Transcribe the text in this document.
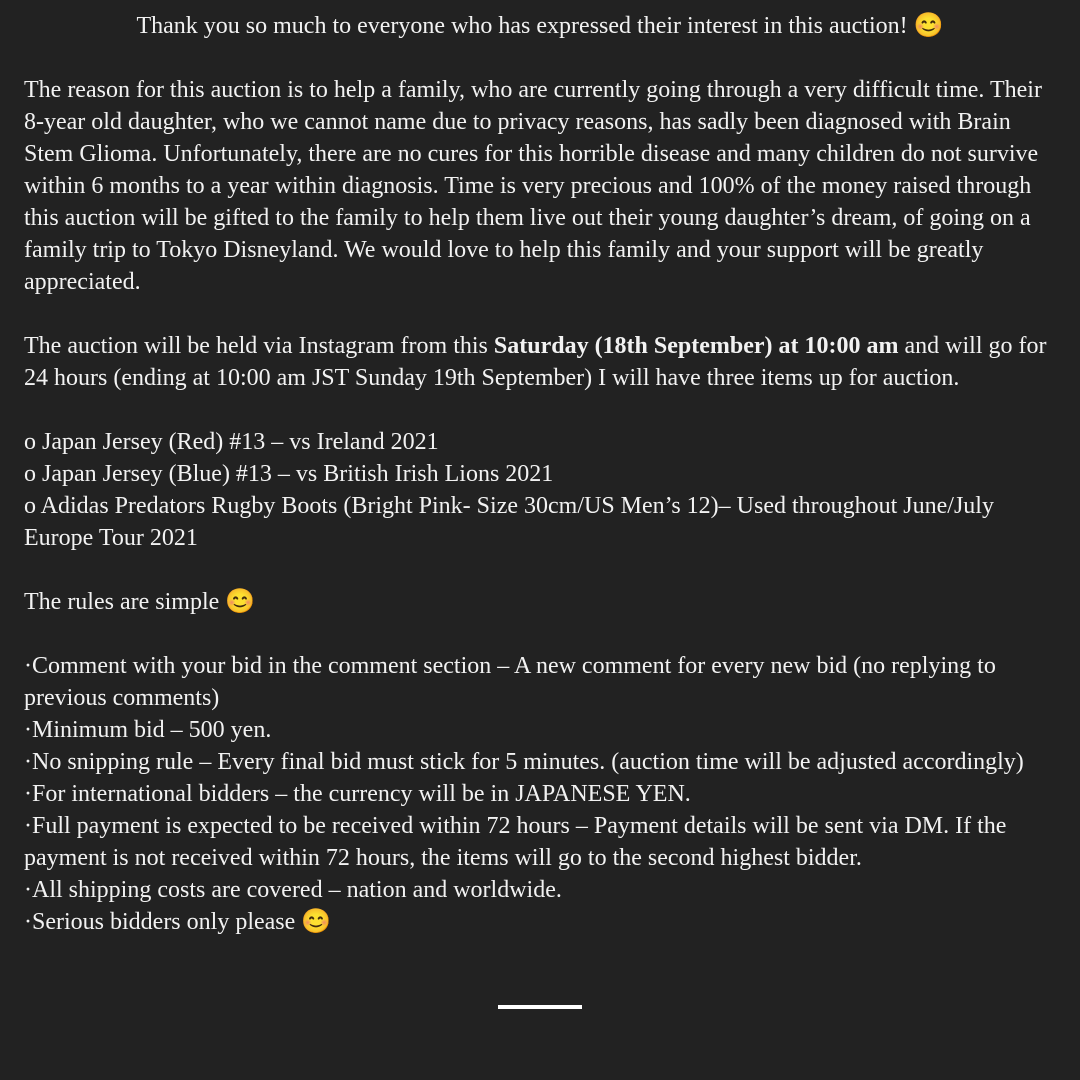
Thank you so much to everyone who has expressed their interest in this auction! 😊

The reason for this auction is to help a family, who are currently going through a very difficult time. Their 8-year old daughter, who we cannot name due to privacy reasons, has sadly been diagnosed with Brain Stem Glioma. Unfortunately, there are no cures for this horrible disease and many children do not survive within 6 months to a year within diagnosis. Time is very precious and 100% of the money raised through this auction will be gifted to the family to help them live out their young daughter’s dream, of going on a family trip to Tokyo Disneyland. We would love to help this family and your support will be greatly appreciated.

The auction will be held via Instagram from this Saturday (18th September) at 10:00 am and will go for 24 hours (ending at 10:00 am JST Sunday 19th September) I will have three items up for auction.

o Japan Jersey (Red) #13 – vs Ireland 2021
o Japan Jersey (Blue) #13 – vs British Irish Lions 2021
o Adidas Predators Rugby Boots (Bright Pink- Size 30cm/US Men’s 12)– Used throughout June/July Europe Tour 2021

The rules are simple 😊

·Comment with your bid in the comment section – A new comment for every new bid (no replying to previous comments)
·Minimum bid – 500 yen.
·No snipping rule – Every final bid must stick for 5 minutes. (auction time will be adjusted accordingly)
·For international bidders – the currency will be in JAPANESE YEN.
·Full payment is expected to be received within 72 hours – Payment details will be sent via DM. If the payment is not received within 72 hours, the items will go to the second highest bidder.
·All shipping costs are covered – nation and worldwide.
·Serious bidders only please 😊
